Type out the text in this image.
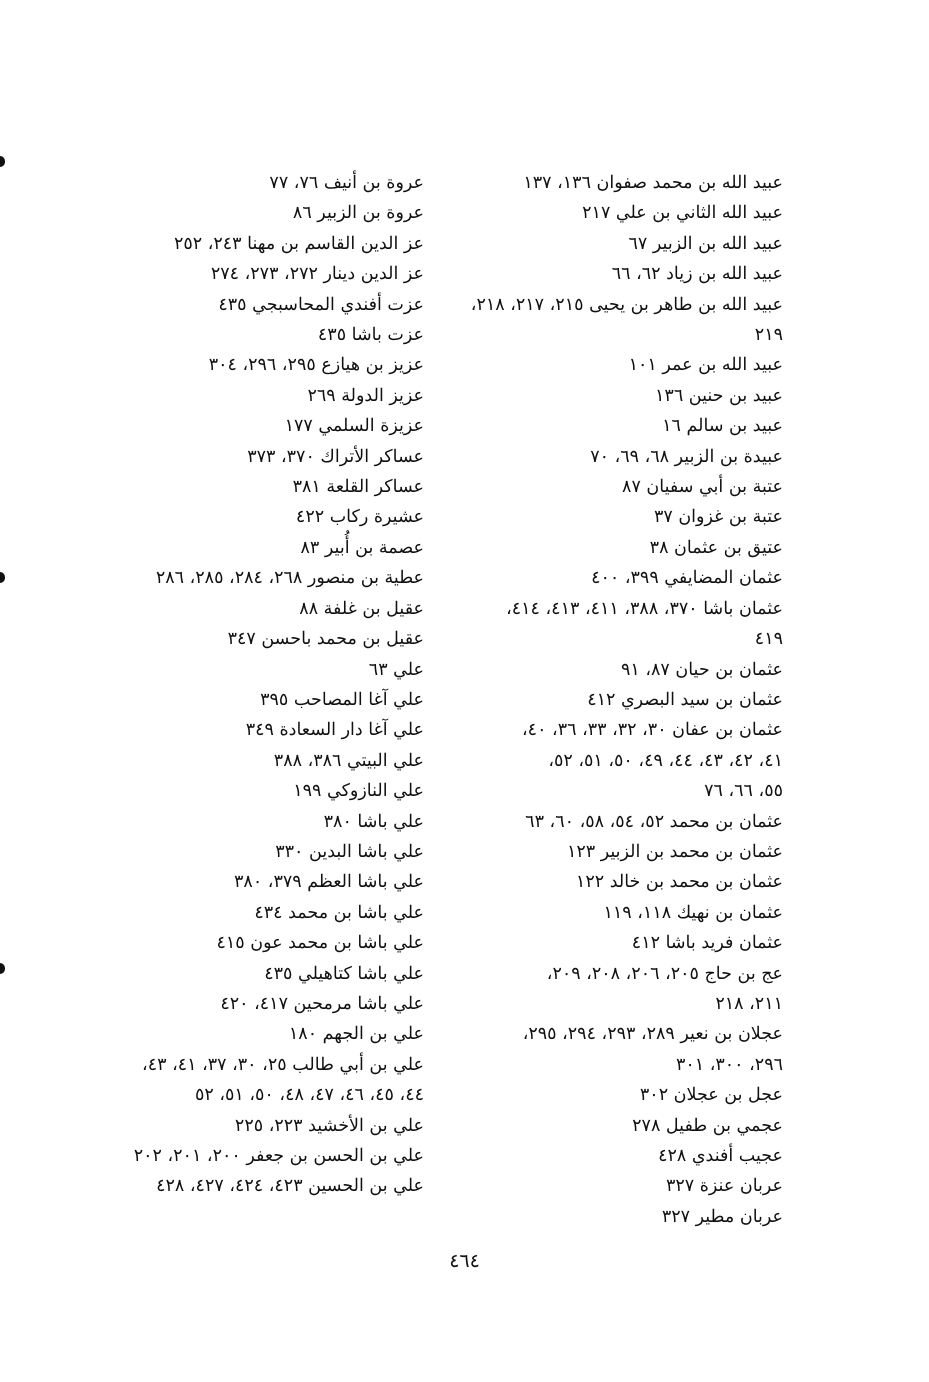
عبيد الله بن محمد صفوان ١٣٦، ١٣٧
عبيد الله الثاني بن علي ٢١٧
عبيد الله بن الزبير ٦٧
عبيد الله بن زياد ٦٢، ٦٦
عبيد الله بن طاهر بن يحيى ٢١٥، ٢١٧، ٢١٨،
٢١٩
عبيد الله بن عمر ١٠١
عبيد بن حنين ١٣٦
عبيد بن سالم ١٦
عبيدة بن الزبير ٦٨، ٦٩، ٧٠
عتبة بن أبي سفيان ٨٧
عتبة بن غزوان ٣٧
عتيق بن عثمان ٣٨
عثمان المضايفي ٣٩٩، ٤٠٠
عثمان باشا ٣٧٠، ٣٨٨، ٤١١، ٤١٣، ٤١٤،
٤١٩
عثمان بن حيان ٨٧، ٩١
عثمان بن سيد البصري ٤١٢
عثمان بن عفان ٣٠، ٣٢، ٣٣، ٣٦، ٤٠،
٤١، ٤٢، ٤٣، ٤٤، ٤٩، ٥٠، ٥١، ٥٢،
٥٥، ٦٦، ٧٦
عثمان بن محمد ٥٢، ٥٤، ٥٨، ٦٠، ٦٣
عثمان بن محمد بن الزبير ١٢٣
عثمان بن محمد بن خالد ١٢٢
عثمان بن نهيك ١١٨، ١١٩
عثمان فريد باشا ٤١٢
عج بن حاج ٢٠٥، ٢٠٦، ٢٠٨، ٢٠٩،
٢١١، ٢١٨
عجلان بن نعير ٢٨٩، ٢٩٣، ٢٩٤، ٢٩٥،
٢٩٦، ٣٠٠، ٣٠١
عجل بن عجلان ٣٠٢
عجمي بن طفيل ٢٧٨
عجيب أفندي ٤٢٨
عربان عنزة ٣٢٧
عربان مطير ٣٢٧
عروة بن أنيف ٧٦، ٧٧
عروة بن الزبير ٨٦
عز الدين القاسم بن مهنا ٢٤٣، ٢٥٢
عز الدين دينار ٢٧٢، ٢٧٣، ٢٧٤
عزت أفندي المحاسبجي ٤٣٥
عزت باشا ٤٣٥
عزيز بن هيازع ٢٩٥، ٢٩٦، ٣٠٤
عزيز الدولة ٢٦٩
عزيزة السلمي ١٧٧
عساكر الأتراك ٣٧٠، ٣٧٣
عساكر القلعة ٣٨١
عشيرة ركاب ٤٢٢
عصمة بن أُبير ٨٣
عطية بن منصور ٢٦٨، ٢٨٤، ٢٨٥، ٢٨٦
عقيل بن غلفة ٨٨
عقيل بن محمد باحسن ٣٤٧
علي ٦٣
علي آغا المصاحب ٣٩٥
علي آغا دار السعادة ٣٤٩
علي البيتي ٣٨٦، ٣٨٨
علي النازوكي ١٩٩
علي باشا ٣٨٠
علي باشا البدين ٣٣٠
علي باشا العظم ٣٧٩، ٣٨٠
علي باشا بن محمد ٤٣٤
علي باشا بن محمد عون ٤١٥
علي باشا كتاهيلي ٤٣٥
علي باشا مرمحين ٤١٧، ٤٢٠
علي بن الجهم ١٨٠
علي بن أبي طالب ٢٥، ٣٠، ٣٧، ٤١، ٤٣،
٤٤، ٤٥، ٤٦، ٤٧، ٤٨، ٥٠، ٥١، ٥٢
علي بن الأخشيد ٢٢٣، ٢٢٥
علي بن الحسن بن جعفر ٢٠٠، ٢٠١، ٢٠٢
علي بن الحسين ٤٢٣، ٤٢٤، ٤٢٧، ٤٢٨
٤٦٤
